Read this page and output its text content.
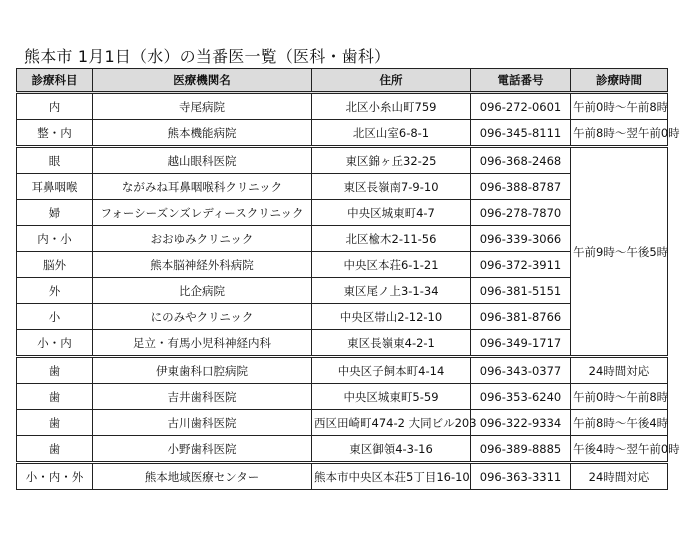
熊本市 1月1日（水）の当番医一覧（医科・歯科）
診療科目	医療機関名	住所	電話番号	診療時間
内	寺尾病院	北区小糸山町759	096-272-0601	午前0時～午前8時
整・内	熊本機能病院	北区山室6-8-1	096-345-8111	午前8時～翌午前0時
眼	越山眼科医院	東区錦ヶ丘32-25	096-368-2468	午前9時～午後5時
耳鼻咽喉	ながみね耳鼻咽喉科クリニック	東区長嶺南7-9-10	096-388-8787	
婦	フォーシーズンズレディースクリニック	中央区城東町4-7	096-278-7870	
内・小	おおゆみクリニック	北区楡木2-11-56	096-339-3066	
脳外	熊本脳神経外科病院	中央区本荘6-1-21	096-372-3911	
外	比企病院	東区尾ノ上3-1-34	096-381-5151	
小	にのみやクリニック	中央区帯山2-12-10	096-381-8766	
小・内	足立・有馬小児科神経内科	東区長嶺東4-2-1	096-349-1717	
歯	伊東歯科口腔病院	中央区子飼本町4-14	096-343-0377	24時間対応
歯	吉井歯科医院	中央区城東町5-59	096-353-6240	午前0時～午前8時
歯	古川歯科医院	西区田崎町474-2 大同ビル203	096-322-9334	午前8時～午後4時
歯	小野歯科医院	東区御領4-3-16	096-389-8885	午後4時～翌午前0時
小・内・外	熊本地域医療センター	熊本市中央区本荘5丁目16-10	096-363-3311	24時間対応
